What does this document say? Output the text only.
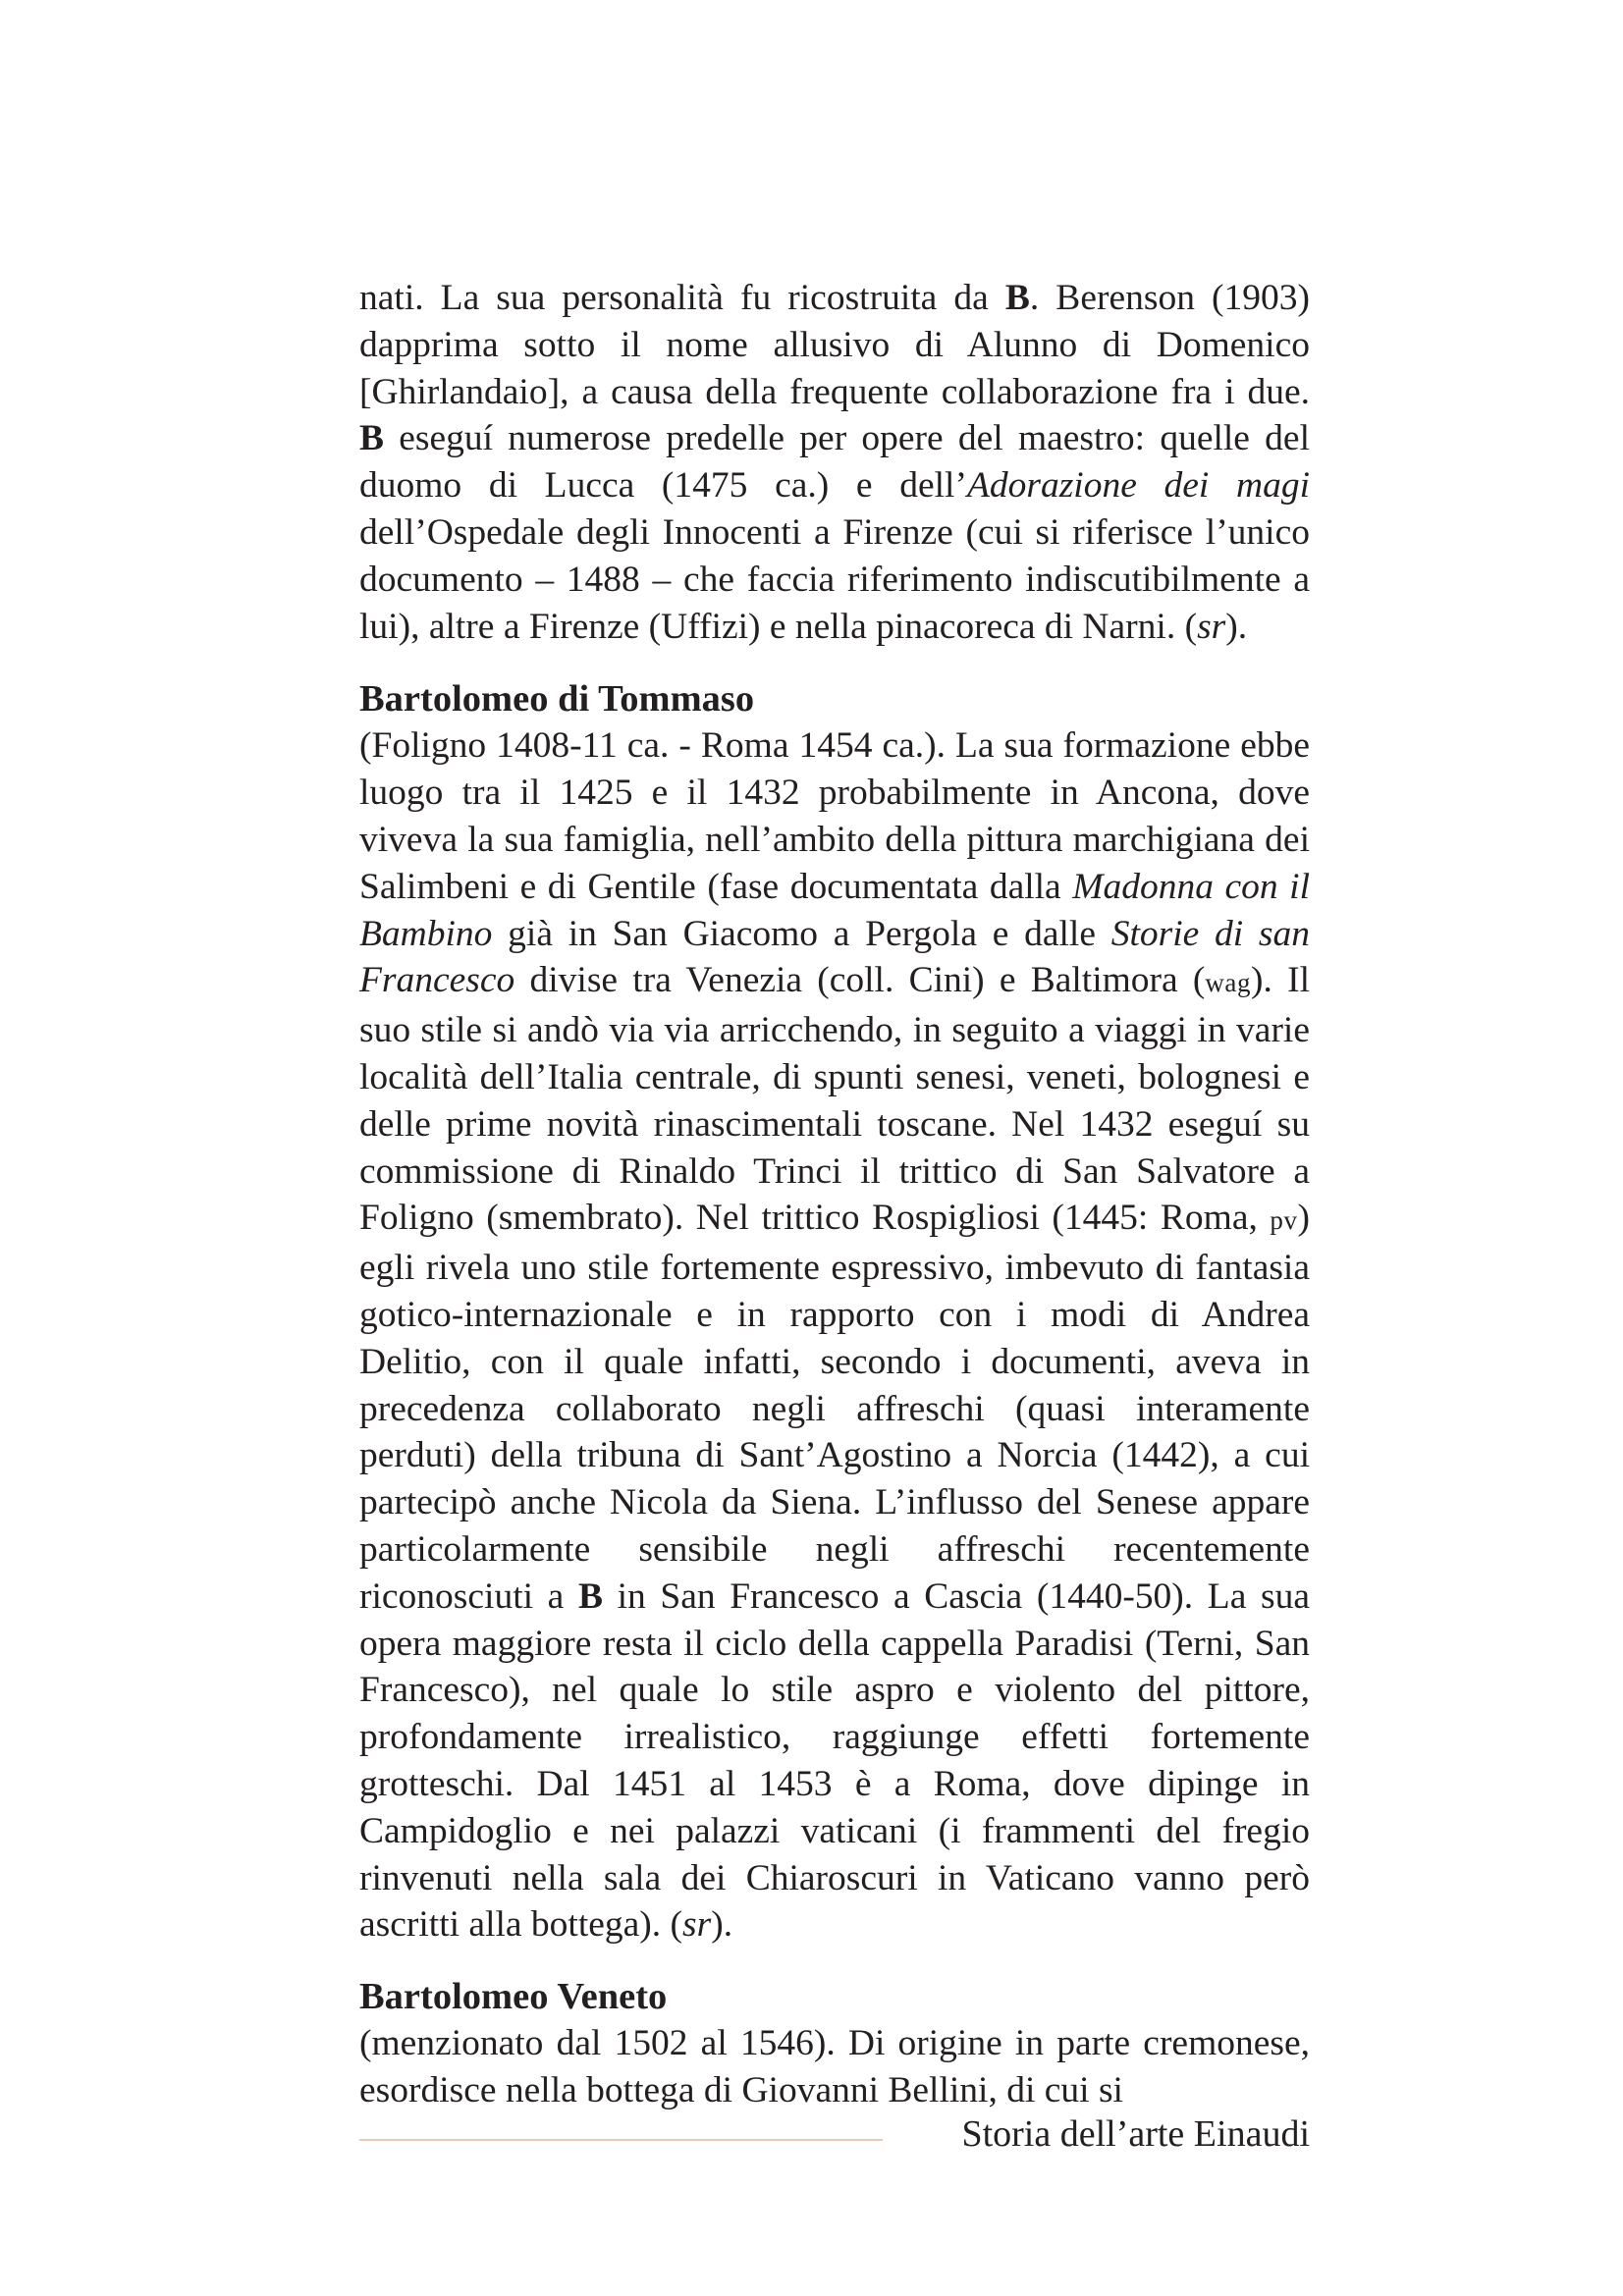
nati. La sua personalità fu ricostruita da B. Berenson (1903) dapprima sotto il nome allusivo di Alunno di Domenico [Ghirlandaio], a causa della frequente collaborazione fra i due. B eseguí numerose predelle per opere del maestro: quelle del duomo di Lucca (1475 ca.) e dell’Adorazione dei magi dell’Ospedale degli Innocenti a Firenze (cui si riferisce l’unico documento – 1488 – che faccia riferimento indiscutibilmente a lui), altre a Firenze (Uffizi) e nella pinacoreca di Narni. (sr).

Bartolomeo di Tommaso

(Foligno 1408-11 ca. - Roma 1454 ca.). La sua formazione ebbe luogo tra il 1425 e il 1432 probabilmente in Ancona, dove viveva la sua famiglia, nell’ambito della pittura marchigiana dei Salimbeni e di Gentile (fase documentata dalla Madonna con il Bambino già in San Giacomo a Pergola e dalle Storie di san Francesco divise tra Venezia (coll. Cini) e Baltimora (wag). Il suo stile si andò via via arricchendo, in seguito a viaggi in varie località dell’Italia centrale, di spunti senesi, veneti, bolognesi e delle prime novità rinascimentali toscane. Nel 1432 eseguí su commissione di Rinaldo Trinci il trittico di San Salvatore a Foligno (smembrato). Nel trittico Rospigliosi (1445: Roma, pv) egli rivela uno stile fortemente espressivo, imbevuto di fantasia gotico-internazionale e in rapporto con i modi di Andrea Delitio, con il quale infatti, secondo i documenti, aveva in precedenza collaborato negli affreschi (quasi interamente perduti) della tribuna di Sant’Agostino a Norcia (1442), a cui partecipò anche Nicola da Siena. L’influsso del Senese appare particolarmente sensibile negli affreschi recentemente riconosciuti a B in San Francesco a Cascia (1440-50). La sua opera maggiore resta il ciclo della cappella Paradisi (Terni, San Francesco), nel quale lo stile aspro e violento del pittore, profondamente irrealistico, raggiunge effetti fortemente grotteschi. Dal 1451 al 1453 è a Roma, dove dipinge in Campidoglio e nei palazzi vaticani (i frammenti del fregio rinvenuti nella sala dei Chiaroscuri in Vaticano vanno però ascritti alla bottega). (sr).

Bartolomeo Veneto

(menzionato dal 1502 al 1546). Di origine in parte cremonese, esordisce nella bottega di Giovanni Bellini, di cui si

Storia dell’arte Einaudi
